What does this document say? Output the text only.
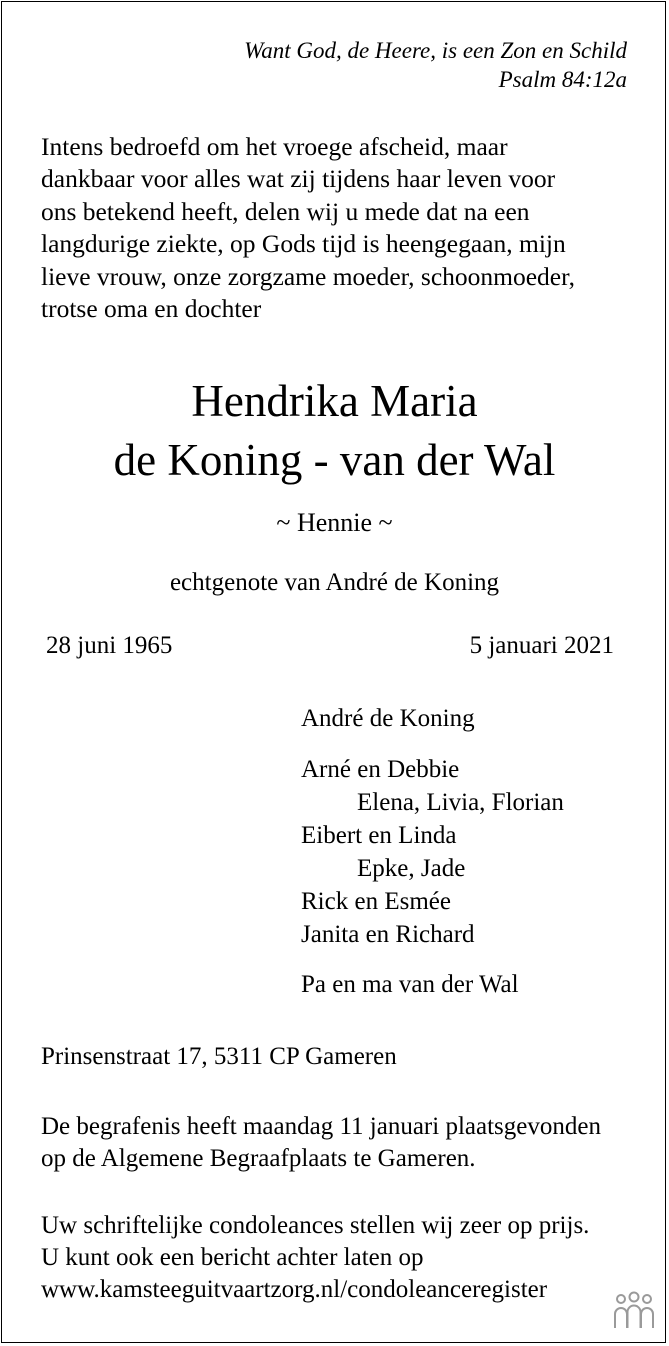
Want God, de Heere, is een Zon en Schild
Psalm 84:12a
Intens bedroefd om het vroege afscheid, maar
dankbaar voor alles wat zij tijdens haar leven voor
ons betekend heeft, delen wij u mede dat na een
langdurige ziekte, op Gods tijd is heengegaan, mijn
lieve vrouw, onze zorgzame moeder, schoonmoeder,
trotse oma en dochter
Hendrika Maria
de Koning - van der Wal
~ Hennie ~
echtgenote van André de Koning
28 juni 1965	5 januari 2021
André de Koning
Arné en Debbie
Elena, Livia, Florian
Eibert en Linda
Epke, Jade
Rick en Esmée
Janita en Richard
Pa en ma van der Wal
Prinsenstraat 17, 5311 CP Gameren
De begrafenis heeft maandag 11 januari plaatsgevonden
op de Algemene Begraafplaats te Gameren.
Uw schriftelijke condoleances stellen wij zeer op prijs.
U kunt ook een bericht achter laten op
www.kamsteeguitvaartzorg.nl/condoleanceregister
